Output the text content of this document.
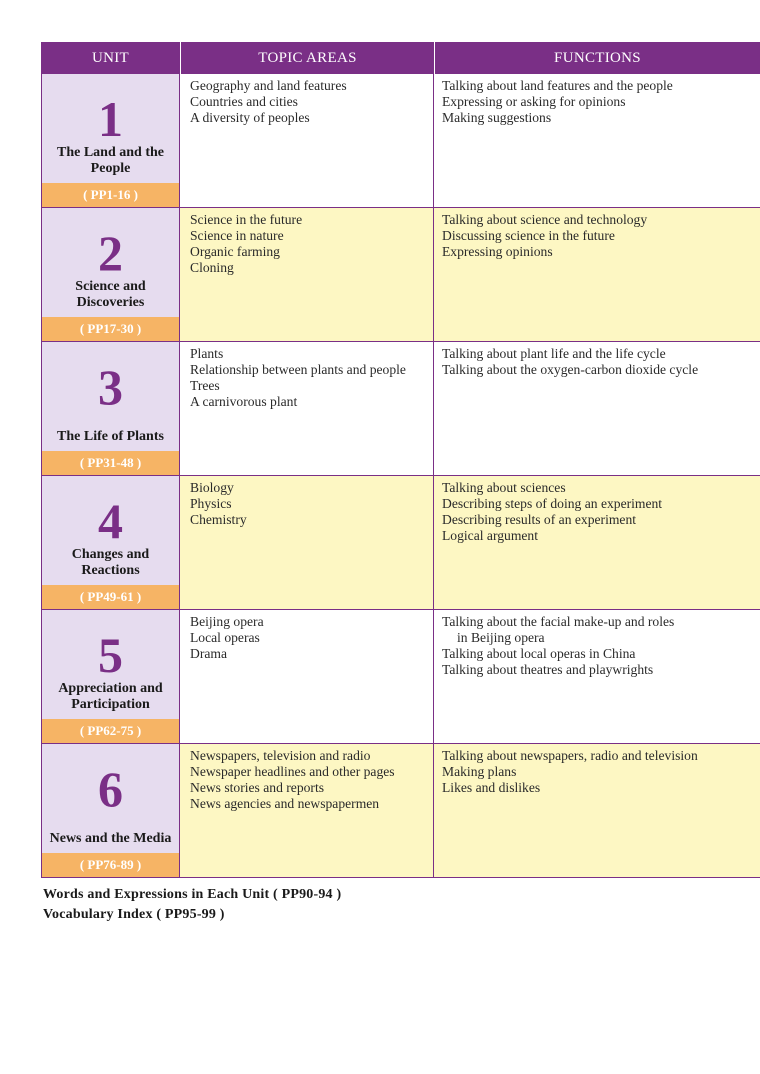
UNIT	TOPIC AREAS	FUNCTIONS
1
The Land and the People
( PP1-16 )
Geography and land features
Countries and cities
A diversity of peoples
Talking about land features and the people
Expressing or asking for opinions
Making suggestions
2
Science and Discoveries
( PP17-30 )
Science in the future
Science in nature
Organic farming
Cloning
Talking about science and technology
Discussing science in the future
Expressing opinions
3
The Life of Plants
( PP31-48 )
Plants
Relationship between plants and people
Trees
A carnivorous plant
Talking about plant life and the life cycle
Talking about the oxygen-carbon dioxide cycle
4
Changes and Reactions
( PP49-61 )
Biology
Physics
Chemistry
Talking about sciences
Describing steps of doing an experiment
Describing results of an experiment
Logical argument
5
Appreciation and Participation
( PP62-75 )
Beijing opera
Local operas
Drama
Talking about the facial make-up and roles
in Beijing opera
Talking about local operas in China
Talking about theatres and playwrights
6
News and the Media
( PP76-89 )
Newspapers, television and radio
Newspaper headlines and other pages
News stories and reports
News agencies and newspapermen
Talking about newspapers, radio and television
Making plans
Likes and dislikes
Words and Expressions in Each Unit ( PP90-94 )
Vocabulary Index ( PP95-99 )
